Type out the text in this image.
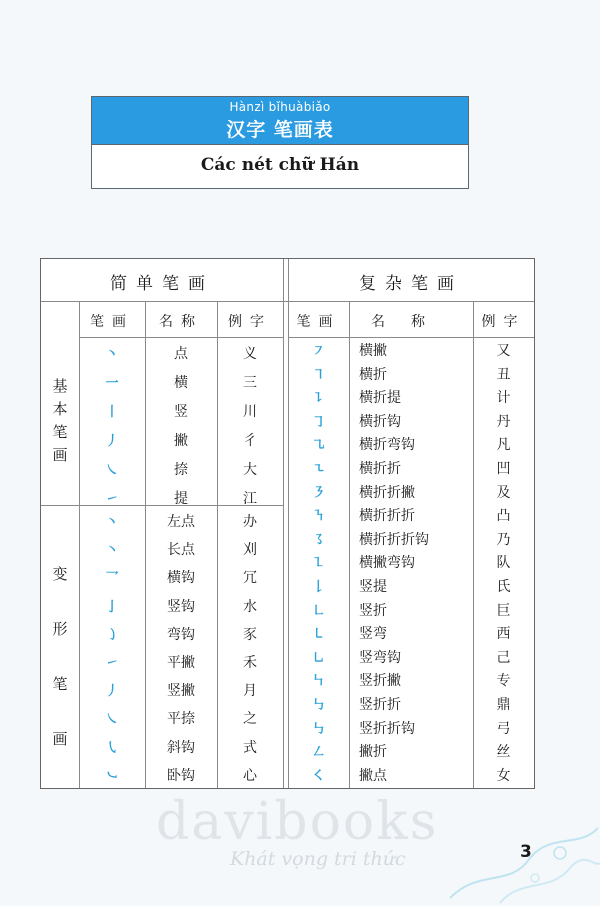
Hànzì bǐhuàbiǎo
汉字 笔画表
Các nét chữ Hán
简单笔画	复杂笔画
笔画	名称	例字	笔画	名称	例字
基
本
笔
画
变
形
笔
画
丶	点	义
一	横	三
丨	竖	川
丿	撇	彳
㇏	捺	大
㇀	提	江
丶	左点	办
㇔	长点	刈
乛	横钩	冗
亅	竖钩	水
㇁	弯钩	豕
㇀	平撇	禾
丿	竖撇	月
㇏	平捺	之
㇂	斜钩	式
㇃	卧钩	心
㇇	横撇	又
㇕	横折	丑
㇊	横折提	计
㇆	横折钩	丹
㇈	横折弯钩	凡
㇍	横折折	凹
㇋	横折折撇	及
㇎	横折折折	凸
㇌	横折折折钩	乃
㇅	横撇弯钩	队
𠄌	竖提	氏
㇗	竖折	巨
㇄	竖弯	西
㇟	竖弯钩	己
㇞	竖折撇	专
㇉	竖折折	鼎
㇉	竖折折钩	弓
㇜	撇折	丝
㇛	撇点	女
davibooks
Khát vọng tri thức	3
